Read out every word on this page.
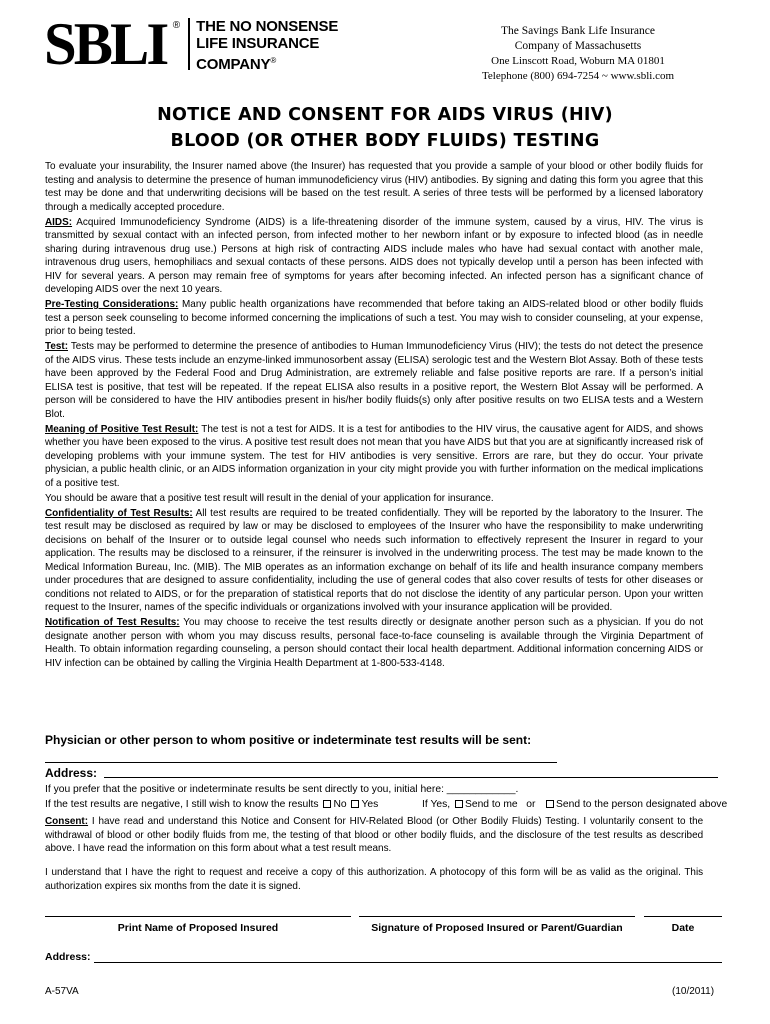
SBLI ® THE NO NONSENSE
LIFE INSURANCE
COMPANY®
The Savings Bank Life Insurance
Company of Massachusetts
One Linscott Road, Woburn MA 01801
Telephone (800) 694-7254 ~ www.sbli.com
NOTICE AND CONSENT FOR AIDS VIRUS (HIV)
BLOOD (OR OTHER BODY FLUIDS) TESTING

To evaluate your insurability, the Insurer named above (the Insurer) has requested that you provide a sample of your blood or other bodily fluids for testing and analysis to determine the presence of human immunodeficiency virus (HIV) antibodies. By signing and dating this form you agree that this test may be done and that underwriting decisions will be based on the test result. A series of three tests will be performed by a licensed laboratory through a medically accepted procedure.

AIDS: Acquired Immunodeficiency Syndrome (AIDS) is a life-threatening disorder of the immune system, caused by a virus, HIV. The virus is transmitted by sexual contact with an infected person, from infected mother to her newborn infant or by exposure to infected blood (as in needle sharing during intravenous drug use.) Persons at high risk of contracting AIDS include males who have had sexual contact with another male, intravenous drug users, hemophiliacs and sexual contacts of these persons. AIDS does not typically develop until a person has been infected with HIV for several years. A person may remain free of symptoms for years after becoming infected. An infected person has a significant chance of developing AIDS over the next 10 years.

Pre-Testing Considerations: Many public health organizations have recommended that before taking an AIDS-related blood or other bodily fluids test a person seek counseling to become informed concerning the implications of such a test. You may wish to consider counseling, at your expense, prior to being tested.

Test: Tests may be performed to determine the presence of antibodies to Human Immunodeficiency Virus (HIV); the tests do not detect the presence of the AIDS virus. These tests include an enzyme-linked immunosorbent assay (ELISA) serologic test and the Western Blot Assay. Both of these tests have been approved by the Federal Food and Drug Administration, are extremely reliable and false positive reports are rare. If a person’s initial ELISA test is positive, that test will be repeated. If the repeat ELISA also results in a positive report, the Western Blot Assay will be performed. A person will be considered to have the HIV antibodies present in his/her bodily fluids(s) only after positive results on two ELISA tests and a Western Blot.

Meaning of Positive Test Result: The test is not a test for AIDS. It is a test for antibodies to the HIV virus, the causative agent for AIDS, and shows whether you have been exposed to the virus. A positive test result does not mean that you have AIDS but that you are at significantly increased risk of developing problems with your immune system. The test for HIV antibodies is very sensitive. Errors are rare, but they do occur. Your private physician, a public health clinic, or an AIDS information organization in your city might provide you with further information on the medical implications of a positive test.

You should be aware that a positive test result will result in the denial of your application for insurance.

Confidentiality of Test Results: All test results are required to be treated confidentially. They will be reported by the laboratory to the Insurer. The test result may be disclosed as required by law or may be disclosed to employees of the Insurer who have the responsibility to make underwriting decisions on behalf of the Insurer or to outside legal counsel who needs such information to effectively represent the Insurer in regard to your application. The results may be disclosed to a reinsurer, if the reinsurer is involved in the underwriting process. The test may be made known to the Medical Information Bureau, Inc. (MIB). The MIB operates as an information exchange on behalf of its life and health insurance company members under procedures that are designed to assure confidentiality, including the use of general codes that also cover results of tests for other diseases or conditions not related to AIDS, or for the preparation of statistical reports that do not disclose the identity of any particular person. Upon your written request to the Insurer, names of the specific individuals or organizations involved with your insurance application will be provided.

Notification of Test Results: You may choose to receive the test results directly or designate another person such as a physician. If you do not designate another person with whom you may discuss results, personal face-to-face counseling is available through the Virginia Department of Health. To obtain information regarding counseling, a person should contact their local health department. Additional information concerning AIDS or HIV infection can be obtained by calling the Virginia Health Department at 1-800-533-4148.

Physician or other person to whom positive or indeterminate test results will be sent:
Address:
If you prefer that the positive or indeterminate results be sent directly to you, initial here: ____________.
If the test results are negative, I still wish to know the results No Yes	If Yes, Send to me or Send to the person designated above
Consent: I have read and understand this Notice and Consent for HIV-Related Blood (or Other Bodily Fluids) Testing. I voluntarily consent to the withdrawal of blood or other bodily fluids from me, the testing of that blood or other bodily fluids, and the disclosure of the test results as described above. I have read the information on this form about what a test result means.
I understand that I have the right to request and receive a copy of this authorization. A photocopy of this form will be as valid as the original. This authorization expires six months from the date it is signed.
Print Name of Proposed Insured	Signature of Proposed Insured or Parent/Guardian	Date
Address:
A-57VA	(10/2011)
